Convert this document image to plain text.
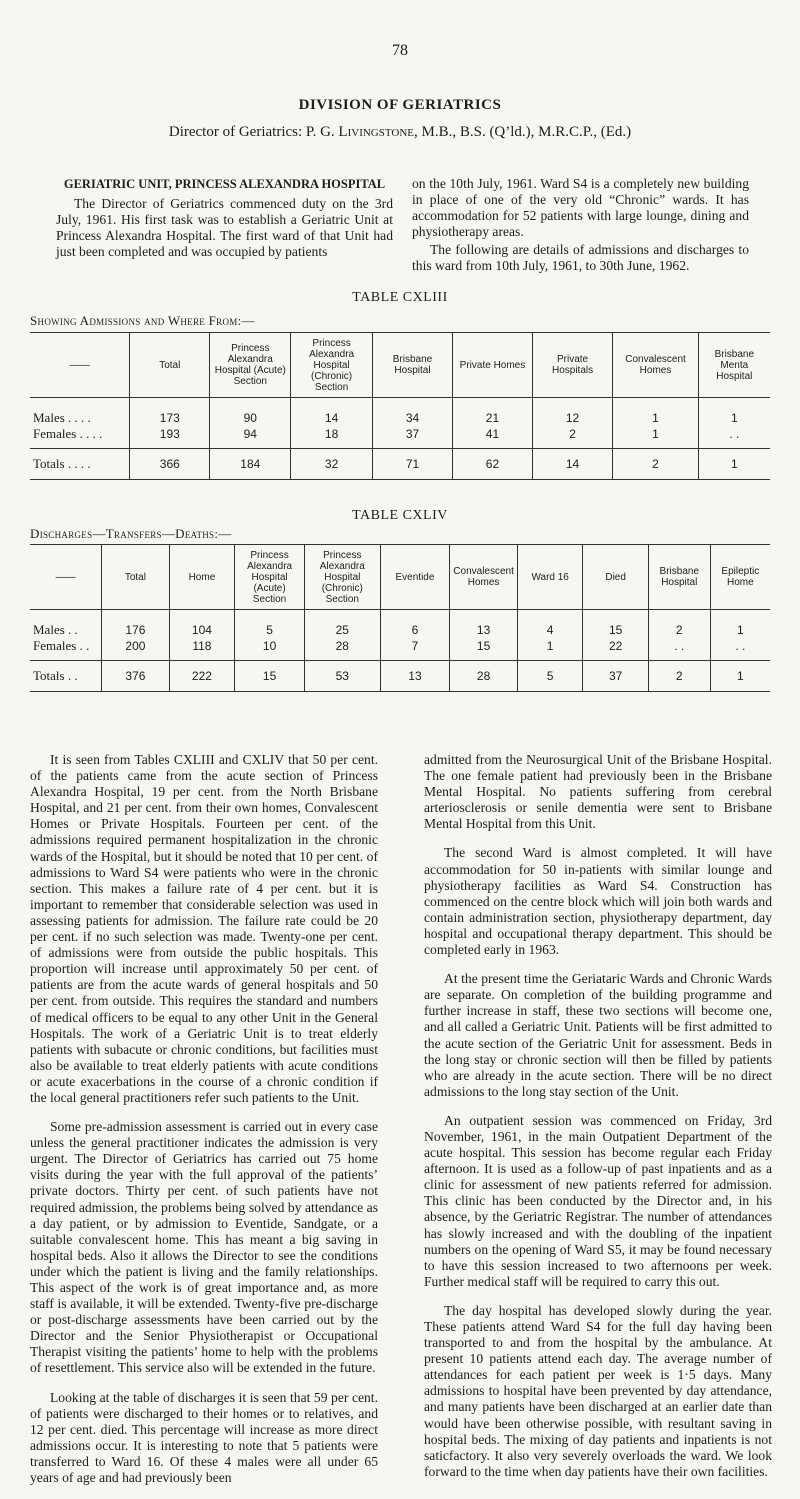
78
DIVISION OF GERIATRICS
Director of Geriatrics: P. G. Livingstone, M.B., B.S. (Q’ld.), M.R.C.P., (Ed.)
GERIATRIC UNIT, PRINCESS ALEXANDRA HOSPITAL

The Director of Geriatrics commenced duty on the 3rd July, 1961. His first task was to establish a Geriatric Unit at Princess Alexandra Hospital. The first ward of that Unit had just been completed and was occupied by patients

on the 10th July, 1961. Ward S4 is a completely new building in place of one of the very old “Chronic” wards. It has accommodation for 52 patients with large lounge, dining and physiotherapy areas.

The following are details of admissions and discharges to this ward from 10th July, 1961, to 30th June, 1962.

TABLE CXLIII
Showing Admissions and Where From:—
——	Total	Princess Alexandra Hospital (Acute) Section	Princess Alexandra Hospital (Chronic) Section	Brisbane Hospital	Private Homes	Private Hospitals	Convalescent Homes	Brisbane Menta Hospital

Males . . . .	173	90	14	34	21	12	1	1
Females . . . .	193	94	18	37	41	2	1	. .

Totals . . . .	366	184	32	71	62	14	2	1
TABLE CXLIV
Discharges—Transfers—Deaths:—
——	Total	Home	Princess Alexandra Hospital (Acute) Section	Princess Alexandra Hospital (Chronic) Section	Eventide	Convalescent Homes	Ward 16	Died	Brisbane Hospital	Epileptic Home

Males . .	176	104	5	25	6	13	4	15	2	1
Females . .	200	118	10	28	7	15	1	22	. .	. .

Totals . .	376	222	15	53	13	28	5	37	2	1

It is seen from Tables CXLIII and CXLIV that 50 per cent. of the patients came from the acute section of Princess Alexandra Hospital, 19 per cent. from the North Brisbane Hospital, and 21 per cent. from their own homes, Convalescent Homes or Private Hospitals. Fourteen per cent. of the admissions required permanent hospitalization in the chronic wards of the Hospital, but it should be noted that 10 per cent. of admissions to Ward S4 were patients who were in the chronic section. This makes a failure rate of 4 per cent. but it is important to remember that considerable selection was used in assessing patients for admission. The failure rate could be 20 per cent. if no such selection was made. Twenty-one per cent. of admissions were from outside the public hospitals. This proportion will increase until approximately 50 per cent. of patients are from the acute wards of general hospitals and 50 per cent. from outside. This requires the standard and numbers of medical officers to be equal to any other Unit in the General Hospitals. The work of a Geriatric Unit is to treat elderly patients with subacute or chronic conditions, but facilities must also be available to treat elderly patients with acute conditions or acute exacerbations in the course of a chronic condition if the local general practitioners refer such patients to the Unit.

Some pre-admission assessment is carried out in every case unless the general practitioner indicates the admission is very urgent. The Director of Geriatrics has carried out 75 home visits during the year with the full approval of the patients’ private doctors. Thirty per cent. of such patients have not required admission, the problems being solved by attendance as a day patient, or by admission to Eventide, Sandgate, or a suitable convalescent home. This has meant a big saving in hospital beds. Also it allows the Director to see the conditions under which the patient is living and the family relationships. This aspect of the work is of great importance and, as more staff is available, it will be extended. Twenty-five pre-discharge or post-discharge assessments have been carried out by the Director and the Senior Physiotherapist or Occupational Therapist visiting the patients’ home to help with the problems of resettlement. This service also will be extended in the future.

Looking at the table of discharges it is seen that 59 per cent. of patients were discharged to their homes or to relatives, and 12 per cent. died. This percentage will increase as more direct admissions occur. It is interesting to note that 5 patients were transferred to Ward 16. Of these 4 males were all under 65 years of age and had previously been

admitted from the Neurosurgical Unit of the Brisbane Hospital. The one female patient had previously been in the Brisbane Mental Hospital. No patients suffering from cerebral arteriosclerosis or senile dementia were sent to Brisbane Mental Hospital from this Unit.

The second Ward is almost completed. It will have accommodation for 50 in-patients with similar lounge and physiotherapy facilities as Ward S4. Construction has commenced on the centre block which will join both wards and contain administration section, physiotherapy department, day hospital and occupational therapy department. This should be completed early in 1963.

At the present time the Geriataric Wards and Chronic Wards are separate. On completion of the building programme and further increase in staff, these two sections will become one, and all called a Geriatric Unit. Patients will be first admitted to the acute section of the Geriatric Unit for assessment. Beds in the long stay or chronic section will then be filled by patients who are already in the acute section. There will be no direct admissions to the long stay section of the Unit.

An outpatient session was commenced on Friday, 3rd November, 1961, in the main Outpatient Department of the acute hospital. This session has become regular each Friday afternoon. It is used as a follow-up of past inpatients and as a clinic for assessment of new patients referred for admission. This clinic has been conducted by the Director and, in his absence, by the Geriatric Registrar. The number of attendances has slowly increased and with the doubling of the inpatient numbers on the opening of Ward S5, it may be found necessary to have this session increased to two afternoons per week. Further medical staff will be required to carry this out.

The day hospital has developed slowly during the year. These patients attend Ward S4 for the full day having been transported to and from the hospital by the ambulance. At present 10 patients attend each day. The average number of attendances for each patient per week is 1·5 days. Many admissions to hospital have been prevented by day attendance, and many patients have been discharged at an earlier date than would have been otherwise possible, with resultant saving in hospital beds. The mixing of day patients and inpatients is not saticfactory. It also very severely overloads the ward. We look forward to the time when day patients have their own facilities.
